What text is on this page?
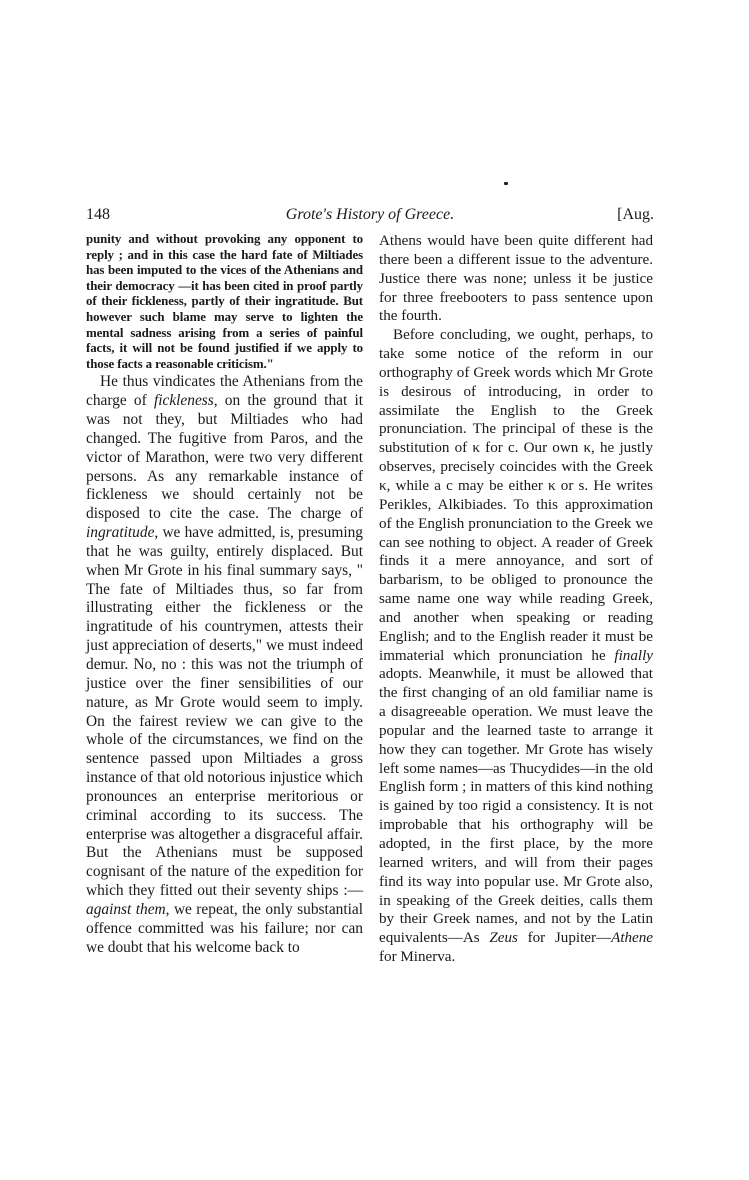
148	Grote's History of Greece.	[Aug.

punity and without provoking any opponent to reply ; and in this case the hard fate of Miltiades has been imputed to the vices of the Athenians and their democracy —it has been cited in proof partly of their fickleness, partly of their ingratitude. But however such blame may serve to lighten the mental sadness arising from a series of painful facts, it will not be found justified if we apply to those facts a reasonable criticism."

He thus vindicates the Athenians from the charge of fickleness, on the ground that it was not they, but Miltiades who had changed. The fugitive from Paros, and the victor of Marathon, were two very different persons. As any remarkable instance of fickleness we should certainly not be disposed to cite the case. The charge of ingratitude, we have admitted, is, presuming that he was guilty, entirely displaced. But when Mr Grote in his final summary says, " The fate of Miltiades thus, so far from illustrating either the fickleness or the ingratitude of his countrymen, attests their just appreciation of deserts," we must indeed demur. No, no : this was not the triumph of justice over the finer sensibilities of our nature, as Mr Grote would seem to imply. On the fairest review we can give to the whole of the circumstances, we find on the sentence passed upon Miltiades a gross instance of that old notorious injustice which pronounces an enterprise meritorious or criminal according to its success. The enterprise was altogether a disgraceful affair. But the Athenians must be supposed cognisant of the nature of the expedition for which they fitted out their seventy ships :—against them, we repeat, the only substantial offence committed was his failure; nor can we doubt that his welcome back to

Athens would have been quite different had there been a different issue to the adventure. Justice there was none; unless it be justice for three freebooters to pass sentence upon the fourth.

Before concluding, we ought, perhaps, to take some notice of the reform in our orthography of Greek words which Mr Grote is desirous of introducing, in order to assimilate the English to the Greek pronunciation. The principal of these is the substitution of κ for c. Our own κ, he justly observes, precisely coincides with the Greek κ, while a c may be either κ or s. He writes Perikles, Alkibiades. To this approximation of the English pronunciation to the Greek we can see nothing to object. A reader of Greek finds it a mere annoyance, and sort of barbarism, to be obliged to pronounce the same name one way while reading Greek, and another when speaking or reading English; and to the English reader it must be immaterial which pronunciation he finally adopts. Meanwhile, it must be allowed that the first changing of an old familiar name is a disagreeable operation. We must leave the popular and the learned taste to arrange it how they can together. Mr Grote has wisely left some names—as Thucydides—in the old English form ; in matters of this kind nothing is gained by too rigid a consistency. It is not improbable that his orthography will be adopted, in the first place, by the more learned writers, and will from their pages find its way into popular use. Mr Grote also, in speaking of the Greek deities, calls them by their Greek names, and not by the Latin equivalents—As Zeus for Jupiter—Athene for Minerva.
